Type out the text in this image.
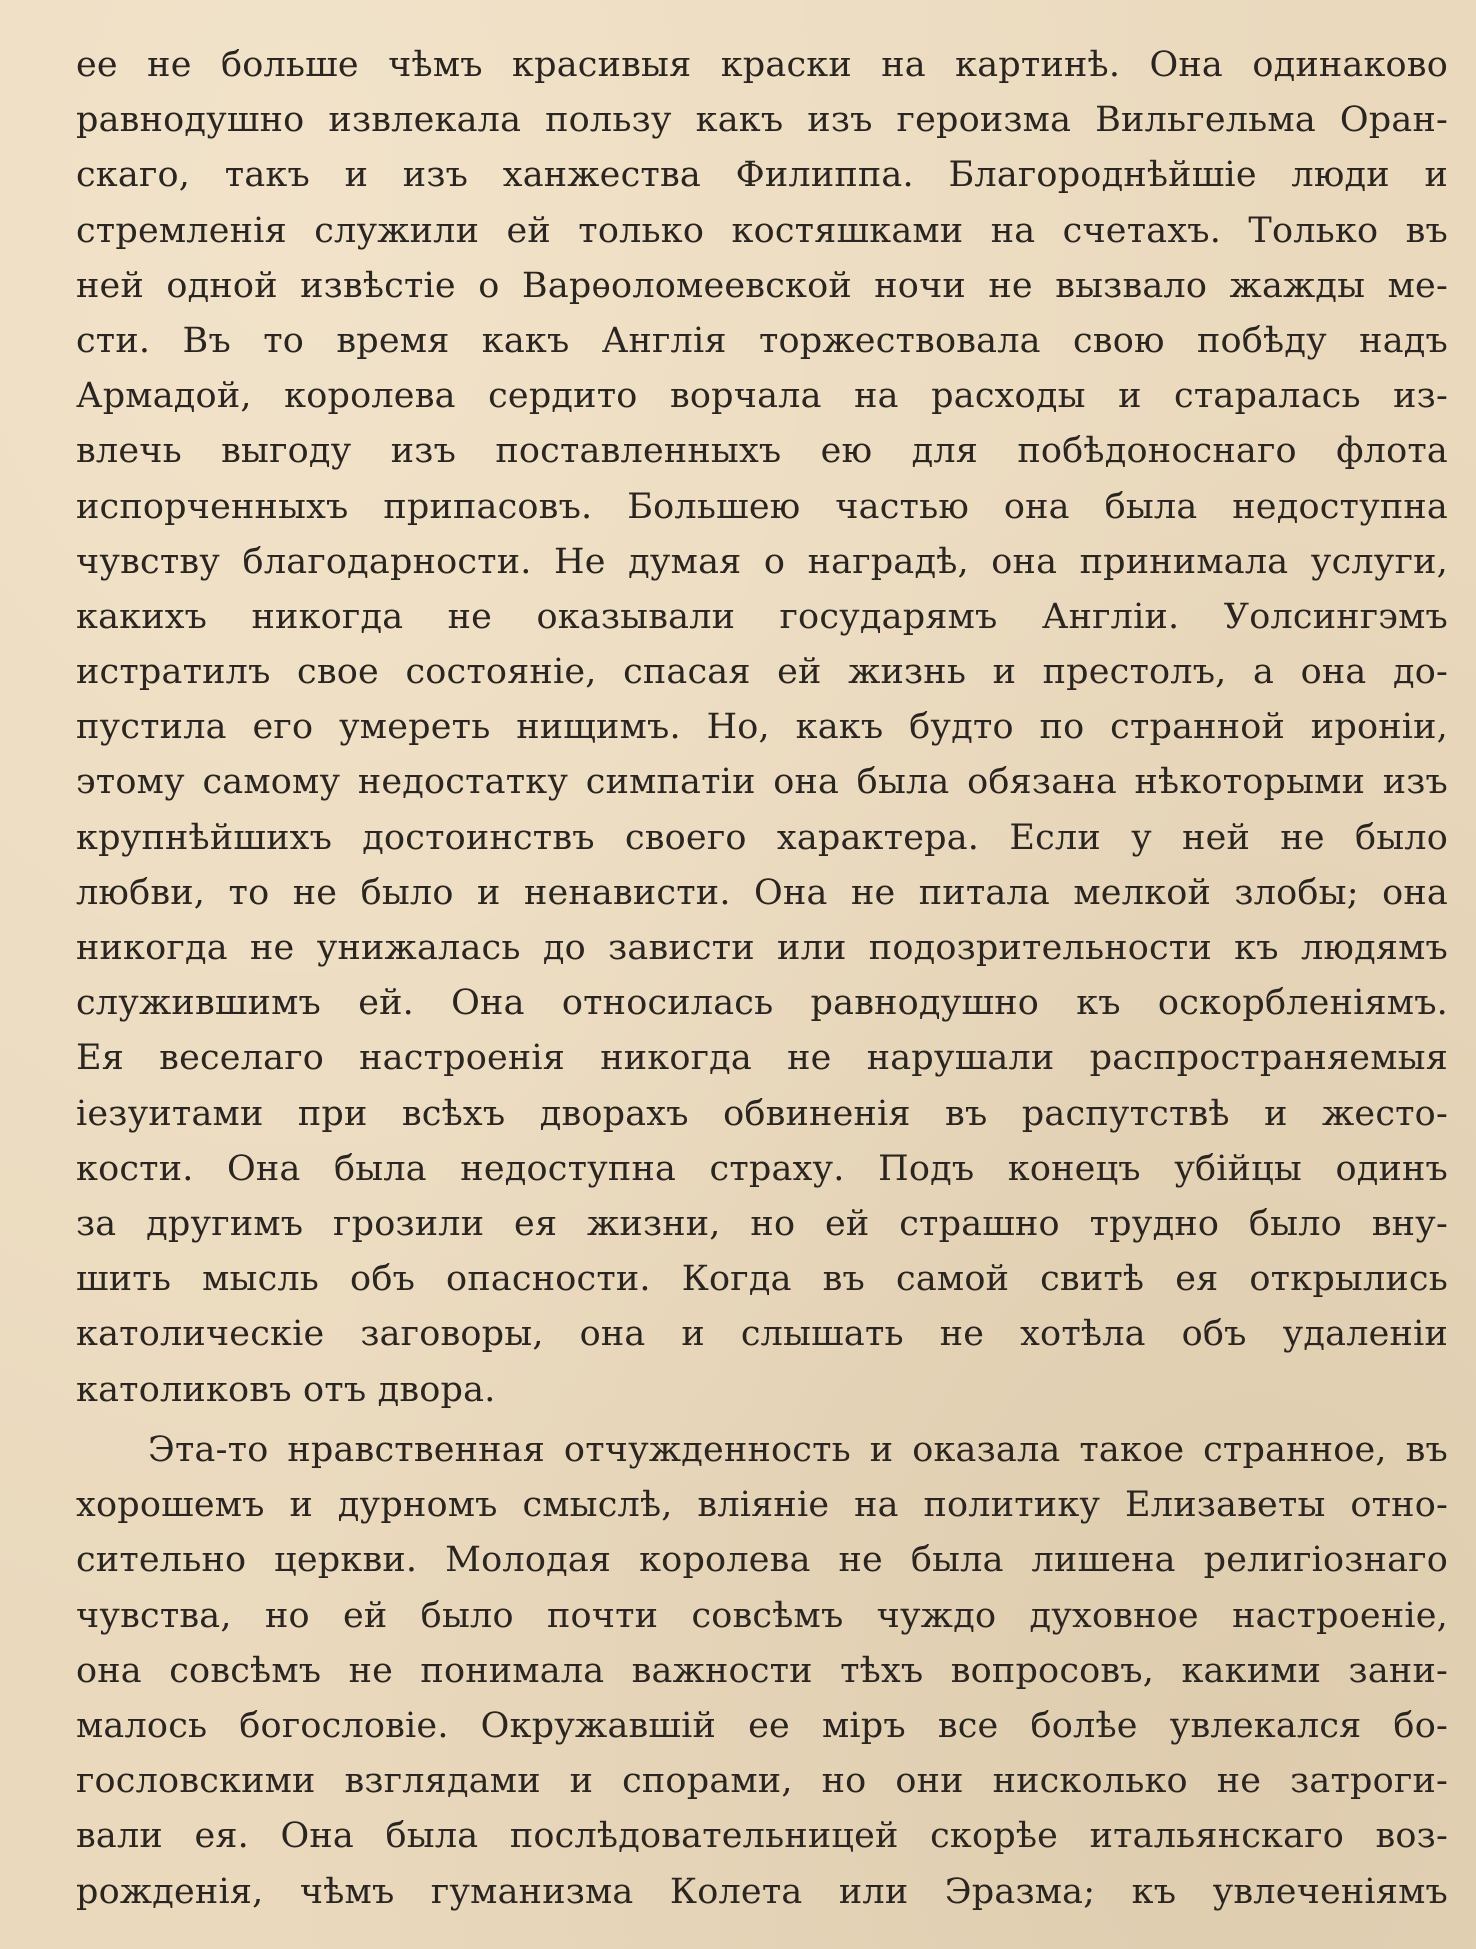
ее не больше чѣмъ красивыя краски на картинѣ. Она одинаково
равнодушно извлекала пользу какъ изъ героизма Вильгельма Оран-
скаго, такъ и изъ ханжества Филиппа. Благороднѣйшіе люди и
стремленія служили ей только костяшками на счетахъ. Только въ
ней одной извѣстіе о Варѳоломеевской ночи не вызвало жажды ме-
сти. Въ то время какъ Англія торжествовала свою побѣду надъ
Армадой, королева сердито ворчала на расходы и старалась из-
влечь выгоду изъ поставленныхъ ею для побѣдоноснаго флота
испорченныхъ припасовъ. Большею частью она была недоступна
чувству благодарности. Не думая о наградѣ, она принимала услуги,
какихъ никогда не оказывали государямъ Англіи. Уолсингэмъ
истратилъ свое состояніе, спасая ей жизнь и престолъ, а она до-
пустила его умереть нищимъ. Но, какъ будто по странной иронiи,
этому самому недостатку симпатіи она была обязана нѣкоторыми изъ
крупнѣйшихъ достоинствъ своего характера. Если у ней не было
любви, то не было и ненависти. Она не питала мелкой злобы; она
никогда не унижалась до зависти или подозрительности къ людямъ
служившимъ ей. Она относилась равнодушно къ оскорбленіямъ.
Ея веселаго настроенія никогда не нарушали распространяемыя
іезуитами при всѣхъ дворахъ обвиненія въ распутствѣ и жесто-
кости. Она была недоступна страху. Подъ конецъ убійцы одинъ
за другимъ грозили ея жизни, но ей страшно трудно было вну-
шить мысль объ опасности. Когда въ самой свитѣ ея открылись
католическіе заговоры, она и слышать не хотѣла объ удаленіи
католиковъ отъ двора.
Эта-то нравственная отчужденность и оказала такое странное, въ
хорошемъ и дурномъ смыслѣ, вліяніе на политику Елизаветы отно-
сительно церкви. Молодая королева не была лишена религіознаго
чувства, но ей было почти совсѣмъ чуждо духовное настроеніе,
она совсѣмъ не понимала важности тѣхъ вопросовъ, какими зани-
малось богословіе. Окружавшій ее міръ все болѣе увлекался бо-
гословскими взглядами и спорами, но они нисколько не затроги-
вали ея. Она была послѣдовательницей скорѣе итальянскаго воз-
рожденія, чѣмъ гуманизма Колета или Эразма; къ увлеченіямъ
